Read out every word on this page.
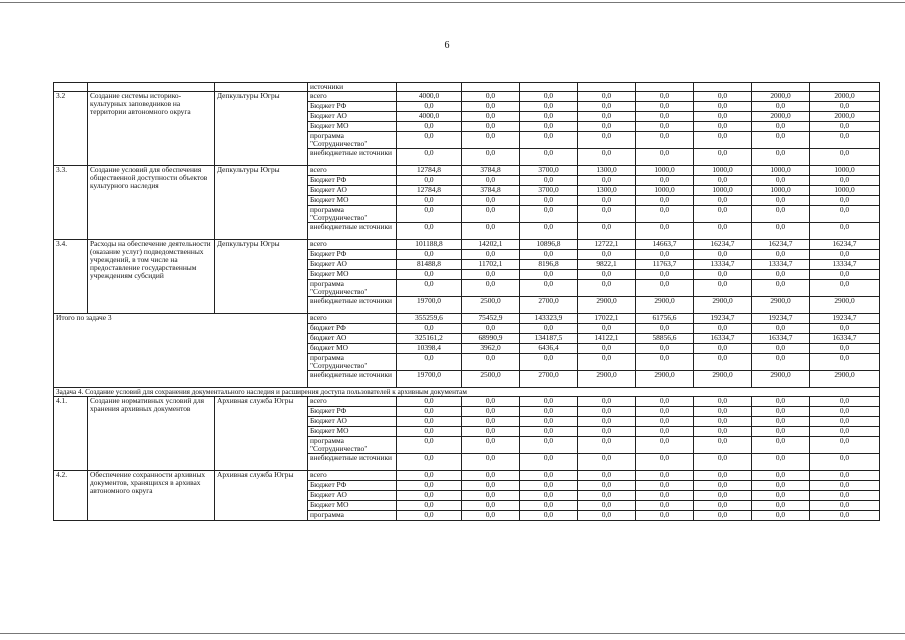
6
			источники								
3.2	Создание системы историко-культурных заповедников на территории автономного округа	Депкультуры Югры	всего	4000,0	0,0	0,0	0,0	0,0	0,0	2000,0	2000,0
			Бюджет РФ	0,0	0,0	0,0	0,0	0,0	0,0	0,0	0,0
			Бюджет АО	4000,0	0,0	0,0	0,0	0,0	0,0	2000,0	2000,0
			Бюджет МО	0,0	0,0	0,0	0,0	0,0	0,0	0,0	0,0
			программа "Сотрудничество"	0,0	0,0	0,0	0,0	0,0	0,0	0,0	0,0
			внебюджетные источники	0,0	0,0	0,0	0,0	0,0	0,0	0,0	0,0
3.3.	Создание условий для обеспечения общественной доступности объектов культурного наследия	Депкультуры Югры	всего	12784,8	3784,8	3700,0	1300,0	1000,0	1000,0	1000,0	1000,0
			Бюджет РФ	0,0	0,0	0,0	0,0	0,0	0,0	0,0	0,0
			Бюджет АО	12784,8	3784,8	3700,0	1300,0	1000,0	1000,0	1000,0	1000,0
			Бюджет МО	0,0	0,0	0,0	0,0	0,0	0,0	0,0	0,0
			программа "Сотрудничество"	0,0	0,0	0,0	0,0	0,0	0,0	0,0	0,0
			внебюджетные источники	0,0	0,0	0,0	0,0	0,0	0,0	0,0	0,0
3.4.	Расходы на обеспечение деятельности (оказание услуг) подведомственных учреждений, в том числе на предоставление государственным учреждениям субсидий	Депкультуры Югры	всего	101188,8	14202,1	10896,8	12722,1	14663,7	16234,7	16234,7	16234,7
			Бюджет РФ	0,0	0,0	0,0	0,0	0,0	0,0	0,0	0,0
			Бюджет АО	81488,8	11702,1	8196,8	9822,1	11763,7	13334,7	13334,7	13334,7
			Бюджет МО	0,0	0,0	0,0	0,0	0,0	0,0	0,0	0,0
			программа "Сотрудничество"	0,0	0,0	0,0	0,0	0,0	0,0	0,0	0,0
			внебюджетные источники	19700,0	2500,0	2700,0	2900,0	2900,0	2900,0	2900,0	2900,0
Итого по задаче 3			всего	355259,6	75452,9	143323,9	17022,1	61756,6	19234,7	19234,7	19234,7
			бюджет РФ	0,0	0,0	0,0	0,0	0,0	0,0	0,0	0,0
			бюджет АО	325161,2	68990,9	134187,5	14122,1	58856,6	16334,7	16334,7	16334,7
			бюджет МО	10398,4	3962,0	6436,4	0,0	0,0	0,0	0,0	0,0
			программа "Сотрудничество"	0,0	0,0	0,0	0,0	0,0	0,0	0,0	0,0
			внебюджетные источники	19700,0	2500,0	2700,0	2900,0	2900,0	2900,0	2900,0	2900,0
Задача 4. Создание условий для сохранения документального наследия и расширения доступа пользователей к архивным документам											
4.1.	Создание нормативных условий для хранения архивных документов	Архивная служба Югры	всего	0,0	0,0	0,0	0,0	0,0	0,0	0,0	0,0
			Бюджет РФ	0,0	0,0	0,0	0,0	0,0	0,0	0,0	0,0
			Бюджет АО	0,0	0,0	0,0	0,0	0,0	0,0	0,0	0,0
			Бюджет МО	0,0	0,0	0,0	0,0	0,0	0,0	0,0	0,0
			программа "Сотрудничество"	0,0	0,0	0,0	0,0	0,0	0,0	0,0	0,0
			внебюджетные источники	0,0	0,0	0,0	0,0	0,0	0,0	0,0	0,0
4.2.	Обеспечение сохранности архивных документов, хранящихся в архивах автономного округа	Архивная служба Югры	всего	0,0	0,0	0,0	0,0	0,0	0,0	0,0	0,0
			Бюджет РФ	0,0	0,0	0,0	0,0	0,0	0,0	0,0	0,0
			Бюджет АО	0,0	0,0	0,0	0,0	0,0	0,0	0,0	0,0
			Бюджет МО	0,0	0,0	0,0	0,0	0,0	0,0	0,0	0,0
			программа	0,0	0,0	0,0	0,0	0,0	0,0	0,0	0,0
